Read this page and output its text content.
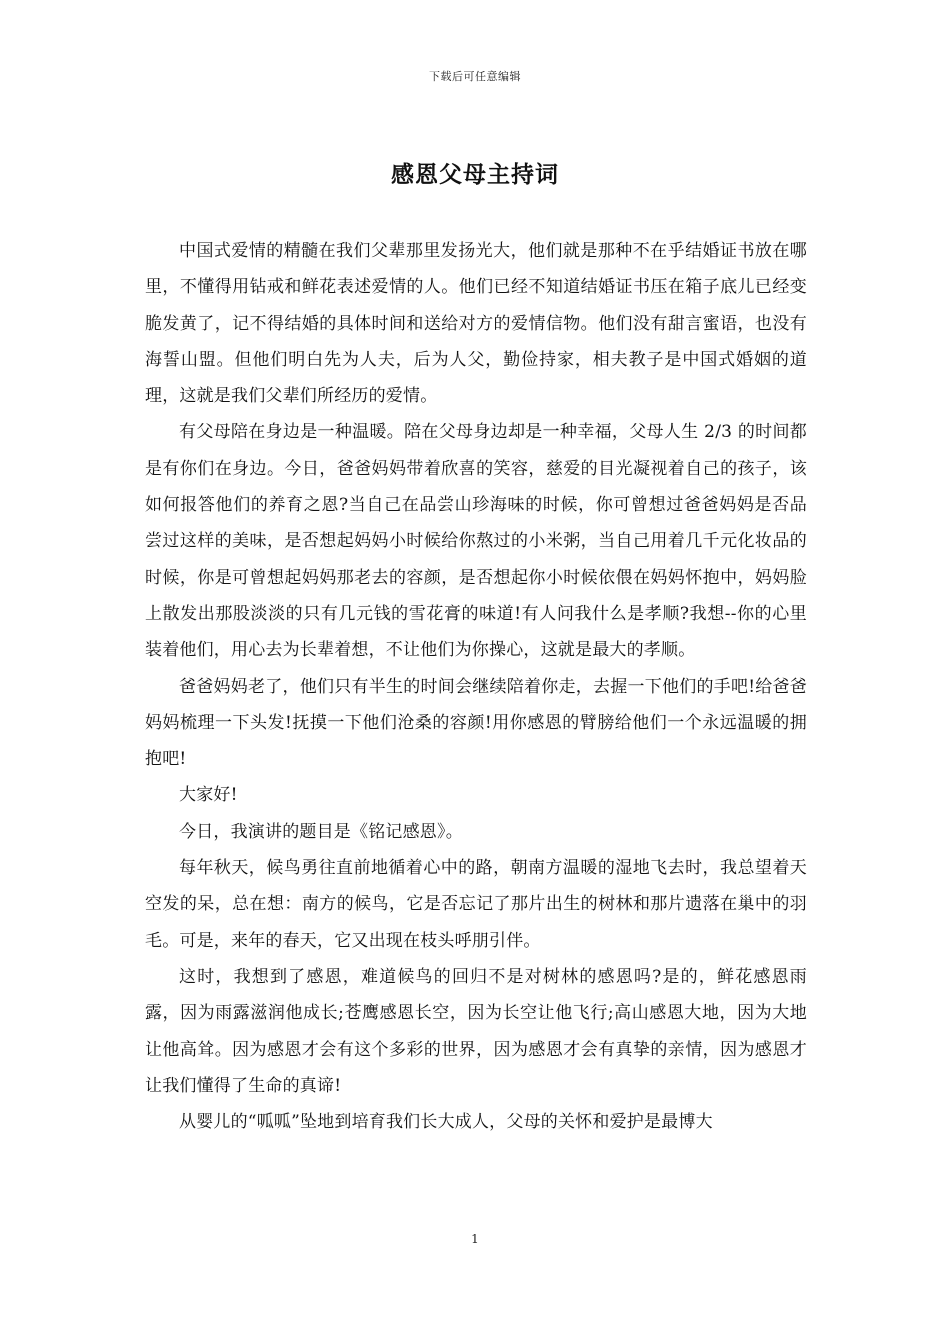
下载后可任意编辑
感恩父母主持词

中国式爱情的精髓在我们父辈那里发扬光大，他们就是那种不在乎结婚证书放在哪里，不懂得用钻戒和鲜花表述爱情的人。他们已经不知道结婚证书压在箱子底儿已经变脆发黄了，记不得结婚的具体时间和送给对方的爱情信物。他们没有甜言蜜语，也没有海誓山盟。但他们明白先为人夫，后为人父，勤俭持家，相夫教子是中国式婚姻的道理，这就是我们父辈们所经历的爱情。

有父母陪在身边是一种温暖。陪在父母身边却是一种幸福，父母人生 2/3 的时间都是有你们在身边。今日，爸爸妈妈带着欣喜的笑容，慈爱的目光凝视着自己的孩子，该如何报答他们的养育之恩?当自己在品尝山珍海味的时候，你可曾想过爸爸妈妈是否品尝过这样的美味，是否想起妈妈小时候给你熬过的小米粥，当自己用着几千元化妆品的时候，你是可曾想起妈妈那老去的容颜，是否想起你小时候依偎在妈妈怀抱中，妈妈脸上散发出那股淡淡的只有几元钱的雪花膏的味道!有人问我什么是孝顺?我想--你的心里装着他们，用心去为长辈着想，不让他们为你操心，这就是最大的孝顺。

爸爸妈妈老了，他们只有半生的时间会继续陪着你走，去握一下他们的手吧!给爸爸妈妈梳理一下头发!抚摸一下他们沧桑的容颜!用你感恩的臂膀给他们一个永远温暖的拥抱吧!

大家好!

今日，我演讲的题目是《铭记感恩》。

每年秋天，候鸟勇往直前地循着心中的路，朝南方温暖的湿地飞去时，我总望着天空发的呆，总在想：南方的候鸟，它是否忘记了那片出生的树林和那片遗落在巢中的羽毛。可是，来年的春天，它又出现在枝头呼朋引伴。

这时，我想到了感恩，难道候鸟的回归不是对树林的感恩吗?是的，鲜花感恩雨露，因为雨露滋润他成长;苍鹰感恩长空，因为长空让他飞行;高山感恩大地，因为大地让他高耸。因为感恩才会有这个多彩的世界，因为感恩才会有真挚的亲情，因为感恩才让我们懂得了生命的真谛!

从婴儿的“呱呱”坠地到培育我们长大成人，父母的关怀和爱护是最博大

1
